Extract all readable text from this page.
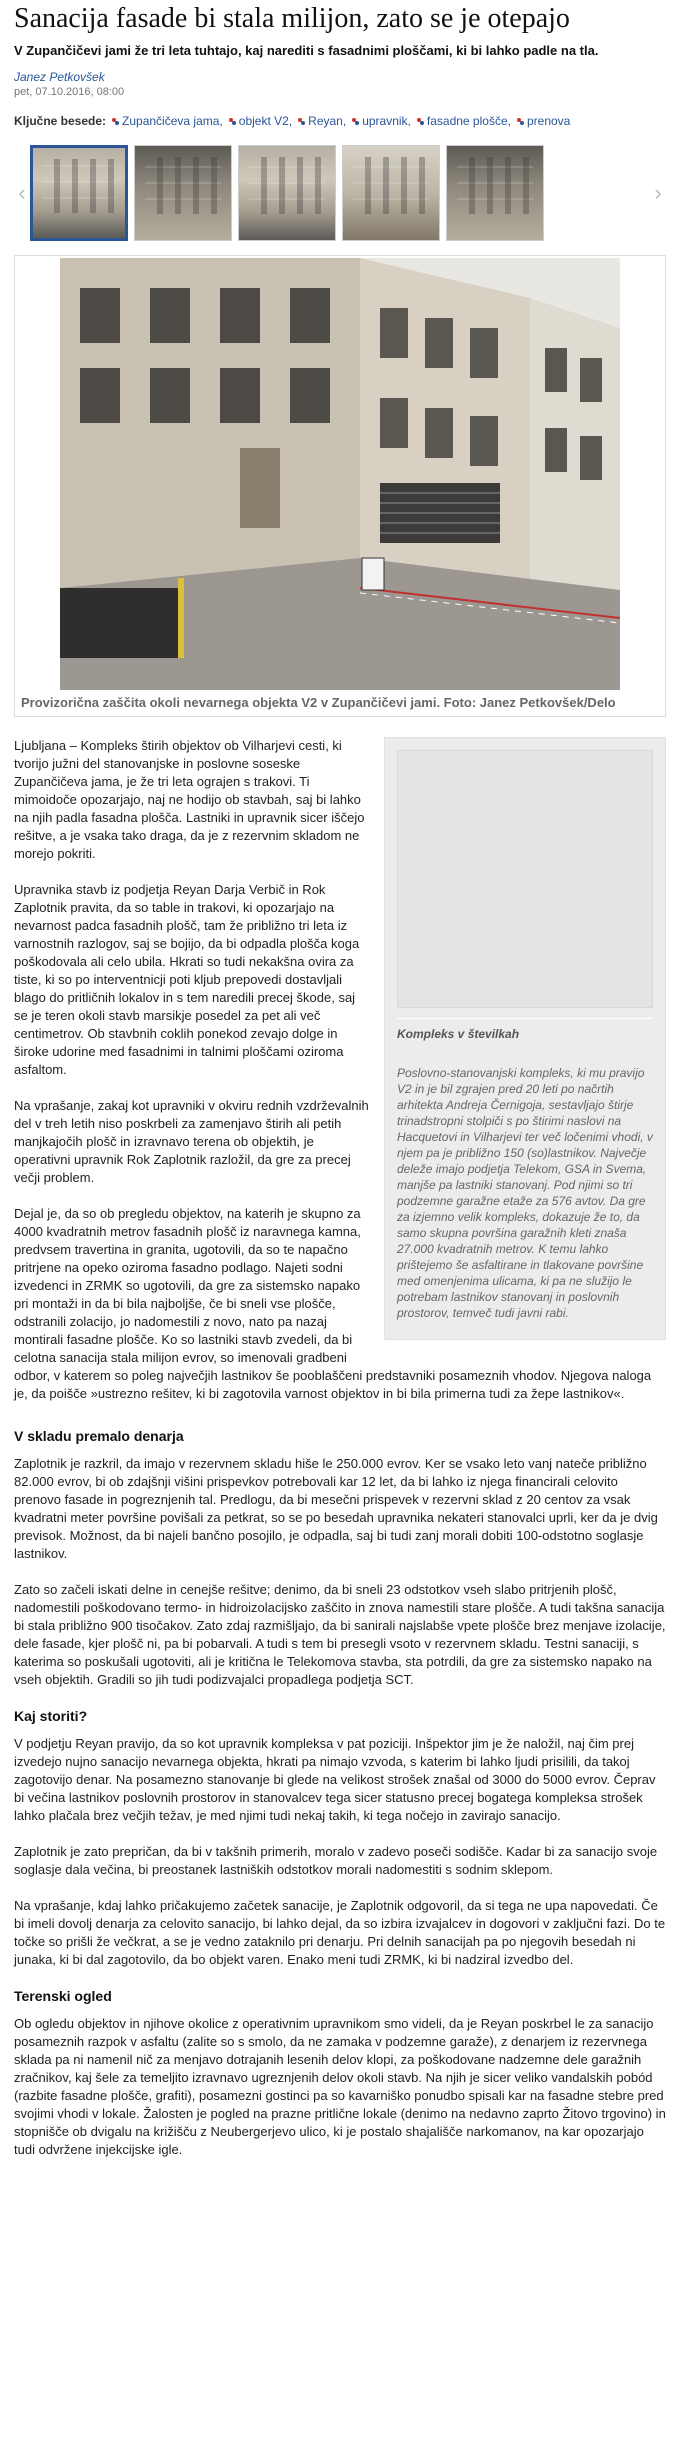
Sanacija fasade bi stala milijon, zato se je otepajo
V Zupančičevi jami že tri leta tuhtajo, kaj narediti s fasadnimi ploščami, ki bi lahko padle na tla.
Janez Petkovšek
pet, 07.10.2016, 08:00
Ključne besede: Zupančičeva jama , objekt V2 , Reyan , upravnik , fasadne plošče , prenova
‹	›
Provizorična zaščita okoli nevarnega objekta V2 v Zupančičevi jami. Foto: Janez Petkovšek/Delo
Kompleks v številkah
Poslovno-stanovanjski kompleks, ki mu pravijo V2 in je bil zgrajen pred 20 leti po načrtih arhitekta Andreja Černigoja, sestavljajo štirje trinadstropni stolpiči s po štirimi naslovi na Hacquetovi in Vilharjevi ter več ločenimi vhodi, v njem pa je približno 150 (so)lastnikov. Največje deleže imajo podjetja Telekom, GSA in Svema, manjše pa lastniki stanovanj. Pod njimi so tri podzemne garažne etaže za 576 avtov. Da gre za izjemno velik kompleks, dokazuje že to, da samo skupna površina garažnih kleti znaša 27.000 kvadratnih metrov. K temu lahko prištejemo še asfaltirane in tlakovane površine med omenjenima ulicama, ki pa ne služijo le potrebam lastnikov stanovanj in poslovnih prostorov, temveč tudi javni rabi.

Ljubljana – Kompleks štirih objektov ob Vilharjevi cesti, ki tvorijo južni del stanovanjske in poslovne soseske Zupančičeva jama, je že tri leta ograjen s trakovi. Ti mimoidoče opozarjajo, naj ne hodijo ob stavbah, saj bi lahko na njih padla fasadna plošča. Lastniki in upravnik sicer iščejo rešitve, a je vsaka tako draga, da je z rezervnim skladom ne morejo pokriti.

Upravnika stavb iz podjetja Reyan Darja Verbič in Rok Zaplotnik pravita, da so table in trakovi, ki opozarjajo na nevarnost padca fasadnih plošč, tam že približno tri leta iz varnostnih razlogov, saj se bojijo, da bi odpadla plošča koga poškodovala ali celo ubila. Hkrati so tudi nekakšna ovira za tiste, ki so po interventnicji poti kljub prepovedi dostavljali blago do pritličnih lokalov in s tem naredili precej škode, saj se je teren okoli stavb marsikje posedel za pet ali več centimetrov. Ob stavbnih coklih ponekod zevajo dolge in široke udorine med fasadnimi in talnimi ploščami oziroma asfaltom.

Na vprašanje, zakaj kot upravniki v okviru rednih vzdrževalnih del v treh letih niso poskrbeli za zamenjavo štirih ali petih manjkajočih plošč in izravnavo terena ob objektih, je operativni upravnik Rok Zaplotnik razložil, da gre za precej večji problem.

Dejal je, da so ob pregledu objektov, na katerih je skupno za 4000 kvadratnih metrov fasadnih plošč iz naravnega kamna, predvsem travertina in granita, ugotovili, da so te napačno pritrjene na opeko oziroma fasadno podlago. Najeti sodni izvedenci in ZRMK so ugotovili, da gre za sistemsko napako pri montaži in da bi bila najboljše, če bi sneli vse plošče, odstranili zolacijo, jo nadomestili z novo, nato pa nazaj montirali fasadne plošče. Ko so lastniki stavb zvedeli, da bi celotna sanacija stala milijon evrov, so imenovali gradbeni odbor, v katerem so poleg največjih lastnikov še pooblaščeni predstavniki posameznih vhodov. Njegova naloga je, da poišče »ustrezno rešitev, ki bi zagotovila varnost objektov in bi bila primerna tudi za žepe lastnikov«.

V skladu premalo denarja

Zaplotnik je razkril, da imajo v rezervnem skladu hiše le 250.000 evrov. Ker se vsako leto vanj nateče približno 82.000 evrov, bi ob zdajšnji višini prispevkov potrebovali kar 12 let, da bi lahko iz njega financirali celovito prenovo fasade in pogreznjenih tal. Predlogu, da bi mesečni prispevek v rezervni sklad z 20 centov za vsak kvadratni meter površine povišali za petkrat, so se po besedah upravnika nekateri stanovalci uprli, ker da je dvig previsok. Možnost, da bi najeli bančno posojilo, je odpadla, saj bi tudi zanj morali dobiti 100-odstotno soglasje lastnikov.

Zato so začeli iskati delne in cenejše rešitve; denimo, da bi sneli 23 odstotkov vseh slabo pritrjenih plošč, nadomestili poškodovano termo- in hidroizolacijsko zaščito in znova namestili stare plošče. A tudi takšna sanacija bi stala približno 900 tisočakov. Zato zdaj razmišljajo, da bi sanirali najslabše vpete plošče brez menjave izolacije, dele fasade, kjer plošč ni, pa bi pobarvali. A tudi s tem bi presegli vsoto v rezervnem skladu. Testni sanaciji, s katerima so poskušali ugotoviti, ali je kritična le Telekomova stavba, sta potrdili, da gre za sistemsko napako na vseh objektih. Gradili so jih tudi podizvajalci propadlega podjetja SCT.

Kaj storiti?

V podjetju Reyan pravijo, da so kot upravnik kompleksa v pat poziciji. Inšpektor jim je že naložil, naj čim prej izvedejo nujno sanacijo nevarnega objekta, hkrati pa nimajo vzvoda, s katerim bi lahko ljudi prisilili, da takoj zagotovijo denar. Na posamezno stanovanje bi glede na velikost strošek znašal od 3000 do 5000 evrov. Čeprav bi večina lastnikov poslovnih prostorov in stanovalcev tega sicer statusno precej bogatega kompleksa strošek lahko plačala brez večjih težav, je med njimi tudi nekaj takih, ki tega nočejo in zavirajo sanacijo.

Zaplotnik je zato prepričan, da bi v takšnih primerih, moralo v zadevo poseči sodišče. Kadar bi za sanacijo svoje soglasje dala večina, bi preostanek lastniških odstotkov morali nadomestiti s sodnim sklepom.

Na vprašanje, kdaj lahko pričakujemo začetek sanacije, je Zaplotnik odgovoril, da si tega ne upa napovedati. Če bi imeli dovolj denarja za celovito sanacijo, bi lahko dejal, da so izbira izvajalcev in dogovori v zaključni fazi. Do te točke so prišli že večkrat, a se je vedno zataknilo pri denarju. Pri delnih sanacijah pa po njegovih besedah ni junaka, ki bi dal zagotovilo, da bo objekt varen. Enako meni tudi ZRMK, ki bi nadziral izvedbo del.

Terenski ogled

Ob ogledu objektov in njihove okolice z operativnim upravnikom smo videli, da je Reyan poskrbel le za sanacijo posameznih razpok v asfaltu (zalite so s smolo, da ne zamaka v podzemne garaže), z denarjem iz rezervnega sklada pa ni namenil nič za menjavo dotrajanih lesenih delov klopi, za poškodovane nadzemne dele garažnih zračnikov, kaj šele za temeljito izravnavo ugreznjenih delov okoli stavb. Na njih je sicer veliko vandalskih pobód (razbite fasadne plošče, grafiti), posamezni gostinci pa so kavarniško ponudbo spisali kar na fasadne stebre pred svojimi vhodi v lokale. Žalosten je pogled na prazne pritlične lokale (denimo na nedavno zaprto Žitovo trgovino) in stopnišče ob dvigalu na križišču z Neubergerjevo ulico, ki je postalo shajališče narkomanov, na kar opozarjajo tudi odvržene injekcijske igle.
